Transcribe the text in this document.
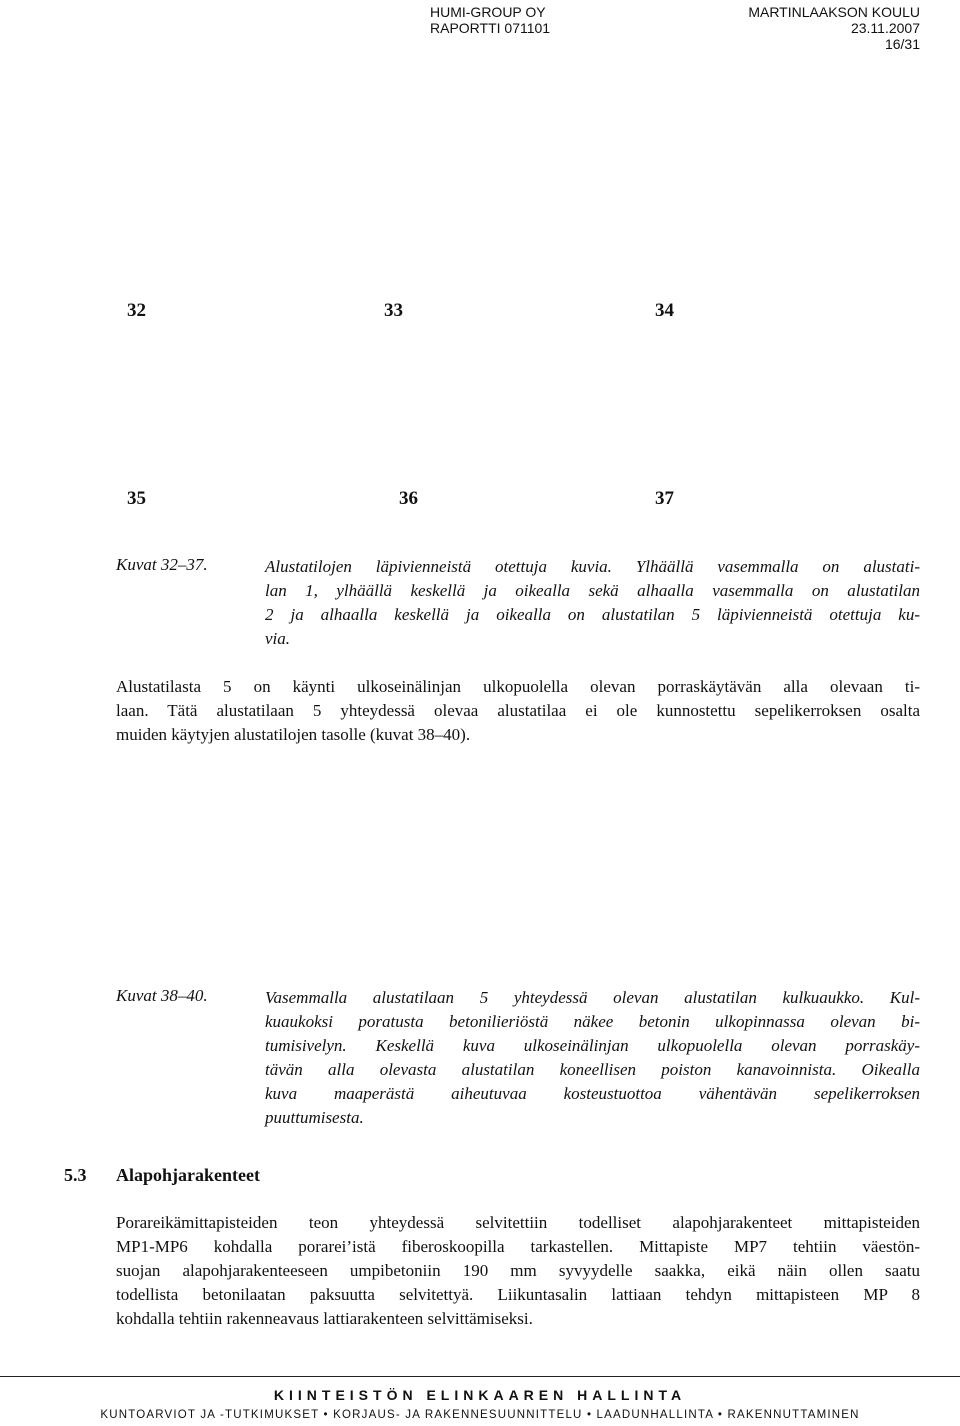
HUMI-GROUP OY
RAPORTTI 071101
MARTINLAAKSON KOULU
23.11.2007
16/31
32	33	34
35	36	37
Kuvat 32–37.	Alustatilojen läpivienneistä otettuja kuvia. Ylhäällä vasemmalla on alustati-
lan 1, ylhäällä keskellä ja oikealla sekä alhaalla vasemmalla on alustatilan
2 ja alhaalla keskellä ja oikealla on alustatilan 5 läpivienneistä otettuja ku-
via.
Alustatilasta 5 on käynti ulkoseinälinjan ulkopuolella olevan porraskäytävän alla olevaan ti-
laan. Tätä alustatilaan 5 yhteydessä olevaa alustatilaa ei ole kunnostettu sepelikerroksen osalta
muiden käytyjen alustatilojen tasolle (kuvat 38–40).
Kuvat 38–40.	Vasemmalla alustatilaan 5 yhteydessä olevan alustatilan kulkuaukko. Kul-
kuaukoksi poratusta betonilieriöstä näkee betonin ulkopinnassa olevan bi-
tumisivelyn. Keskellä kuva ulkoseinälinjan ulkopuolella olevan porraskäy-
tävän alla olevasta alustatilan koneellisen poiston kanavoinnista. Oikealla
kuva maaperästä aiheutuvaa kosteustuottoa vähentävän sepelikerroksen
puuttumisesta.
5.3 Alapohjarakenteet
Porareikämittapisteiden teon yhteydessä selvitettiin todelliset alapohjarakenteet mittapisteiden
MP1-MP6 kohdalla porarei’istä fiberoskoopilla tarkastellen. Mittapiste MP7 tehtiin väestön-
suojan alapohjarakenteeseen umpibetoniin 190 mm syvyydelle saakka, eikä näin ollen saatu
todellista betonilaatan paksuutta selvitettyä. Liikuntasalin lattiaan tehdyn mittapisteen MP 8
kohdalla tehtiin rakenneavaus lattiarakenteen selvittämiseksi.
KIINTEISTÖN ELINKAAREN HALLINTA
KUNTOARVIOT JA -TUTKIMUKSET • KORJAUS- JA RAKENNESUUNNITTELU • LAADUNHALLINTA • RAKENNUTTAMINEN
